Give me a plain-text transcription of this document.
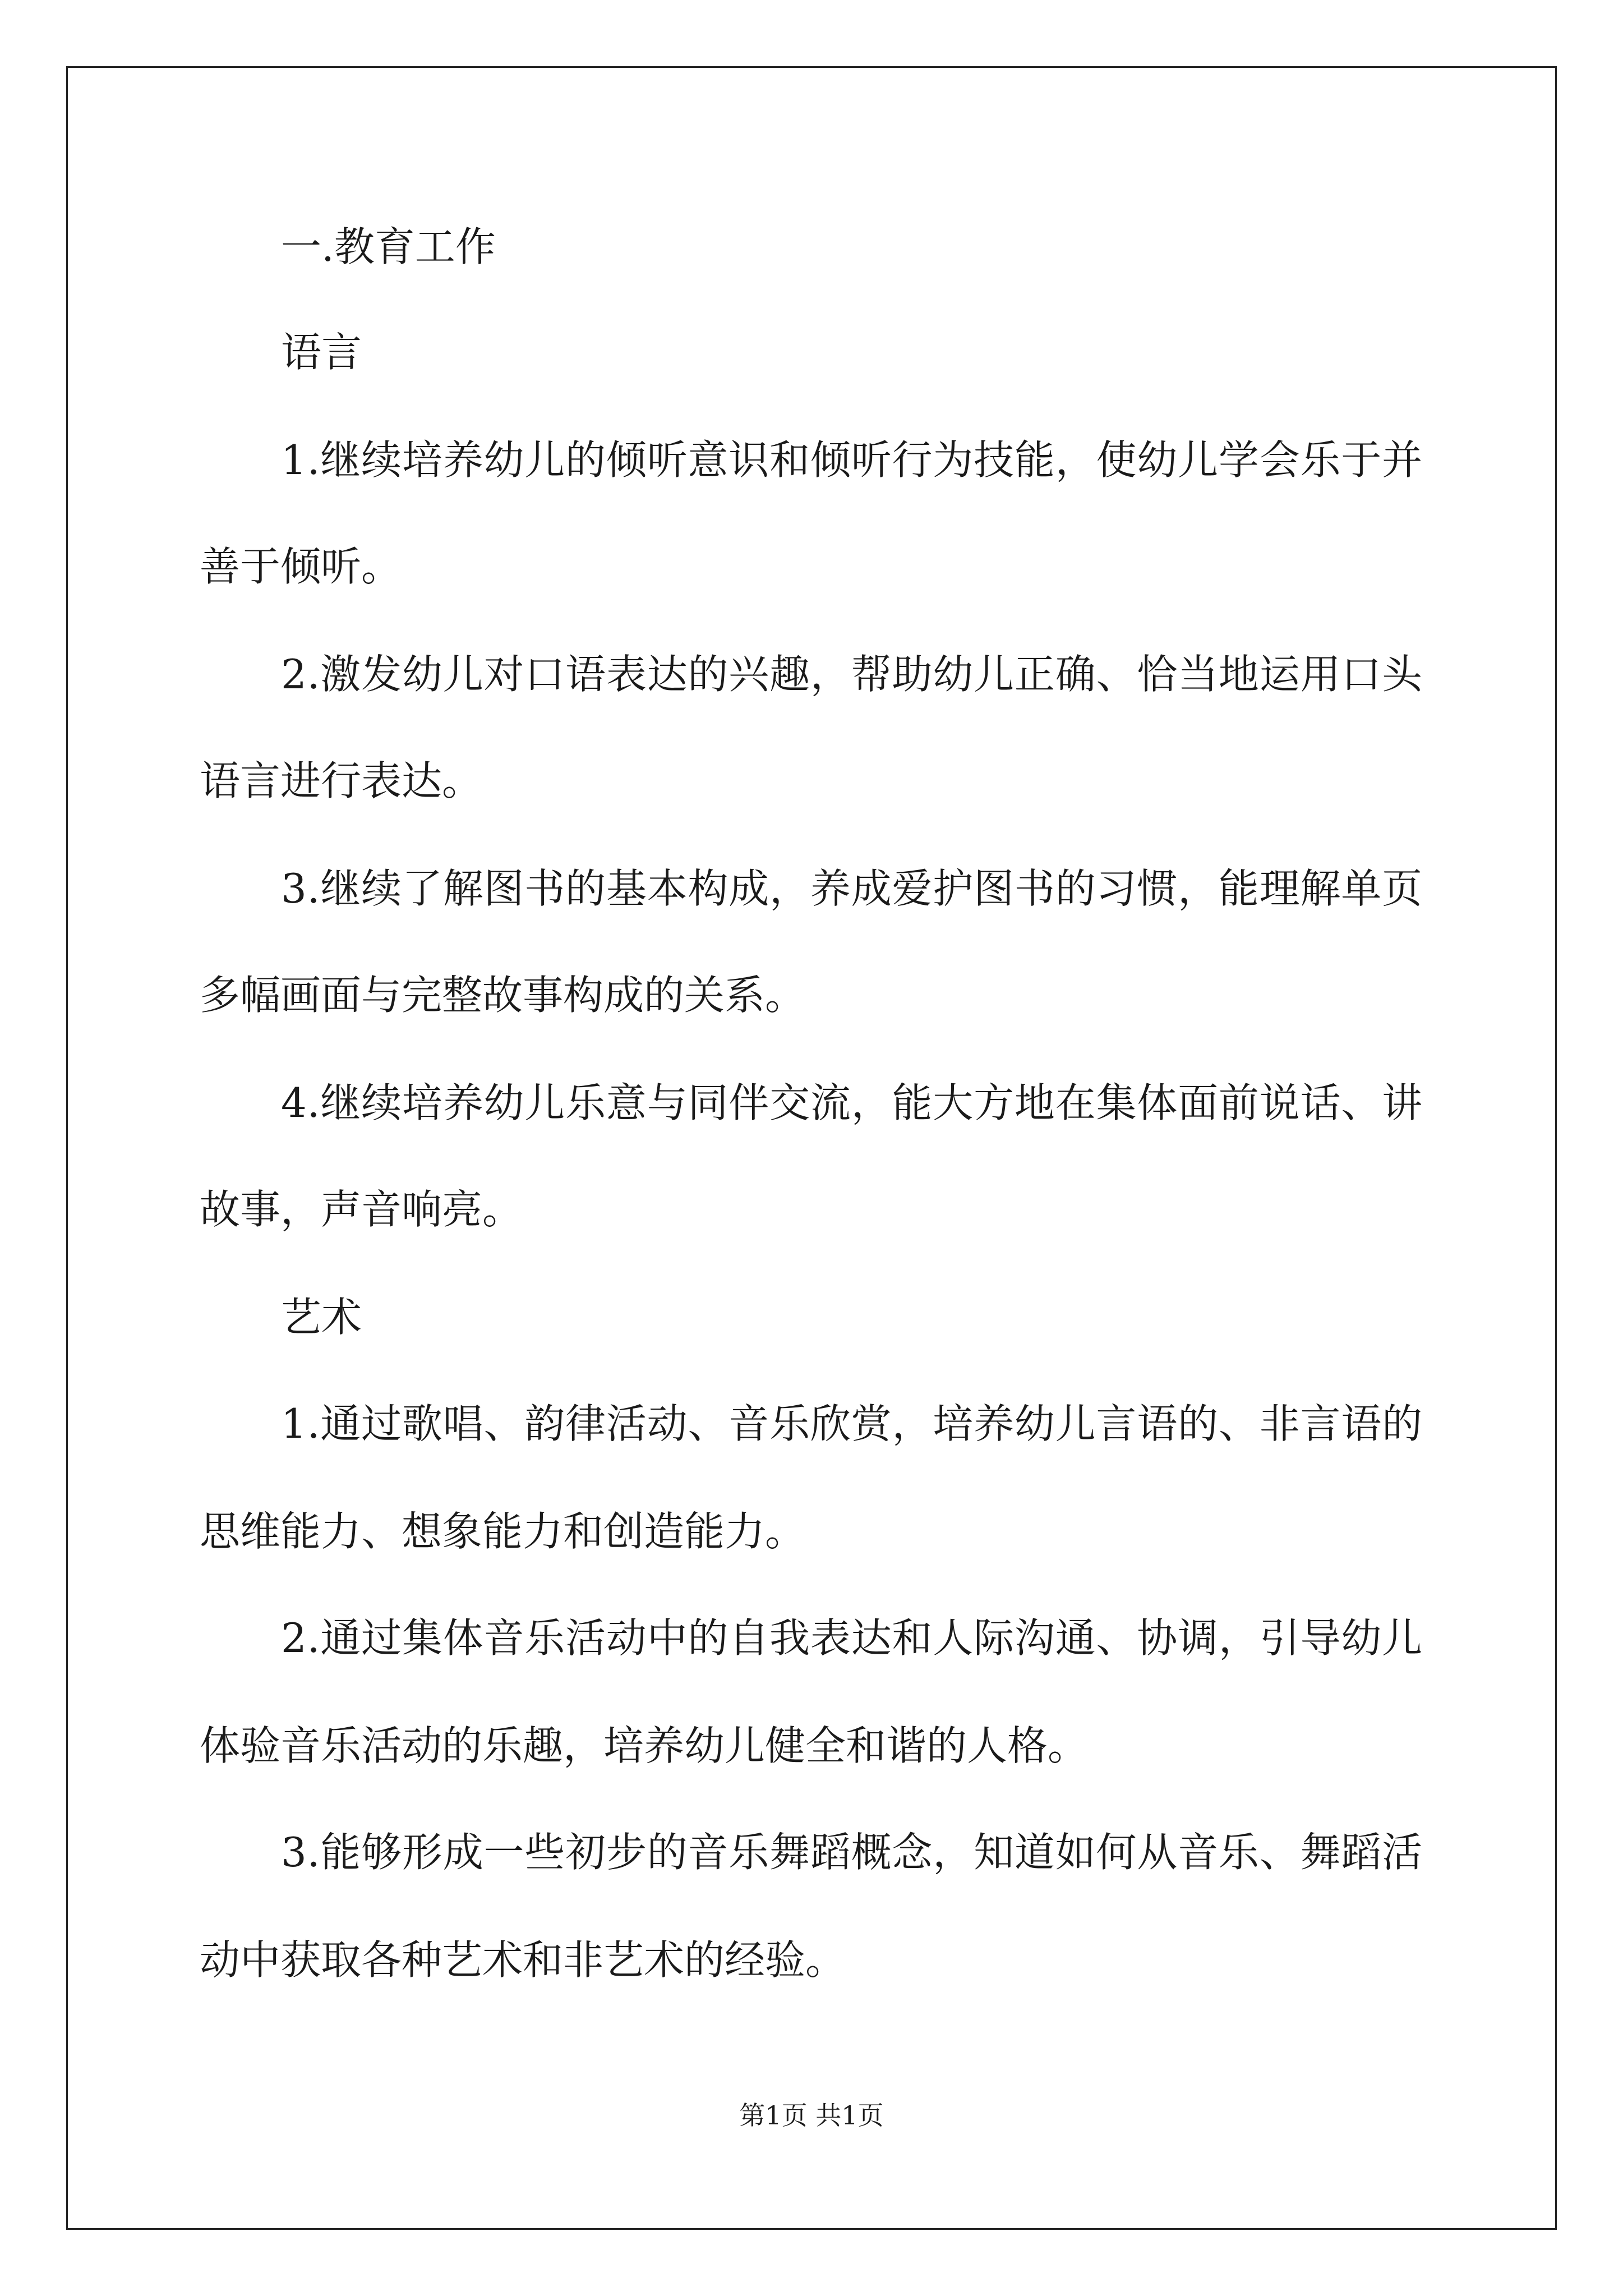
一.教育工作
语言
1.继续培养幼儿的倾听意识和倾听行为技能，使幼儿学会乐于并
善于倾听。
2.激发幼儿对口语表达的兴趣，帮助幼儿正确、恰当地运用口头
语言进行表达。
3.继续了解图书的基本构成，养成爱护图书的习惯，能理解单页
多幅画面与完整故事构成的关系。
4.继续培养幼儿乐意与同伴交流，能大方地在集体面前说话、讲
故事，声音响亮。
艺术
1.通过歌唱、韵律活动、音乐欣赏，培养幼儿言语的、非言语的
思维能力、想象能力和创造能力。
2.通过集体音乐活动中的自我表达和人际沟通、协调，引导幼儿
体验音乐活动的乐趣，培养幼儿健全和谐的人格。
3.能够形成一些初步的音乐舞蹈概念，知道如何从音乐、舞蹈活
动中获取各种艺术和非艺术的经验。
第1页 共1页
